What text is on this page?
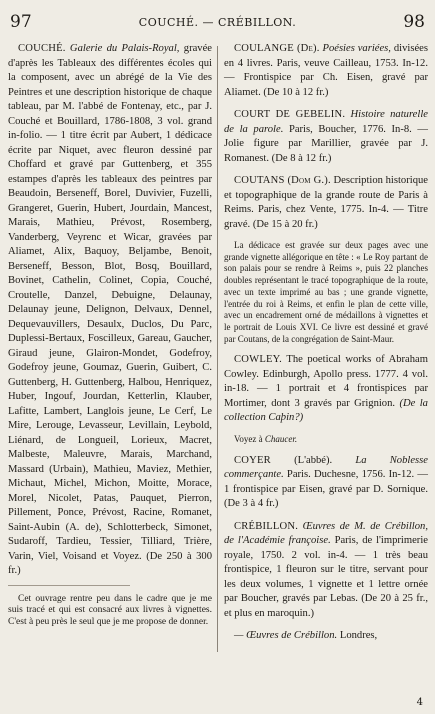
97	COUCHÉ. — CRÉBILLON.	98

COUCHÉ. Galerie du Palais-Royal, gravée d'après les Tableaux des différentes écoles qui la composent, avec un abrégé de la Vie des Peintres et une description historique de chaque tableau, par M. l'abbé de Fontenay, etc., par J. Couché et Bouillard, 1786-1808, 3 vol. grand in-folio. — 1 titre écrit par Aubert, 1 dédicace écrite par Niquet, avec fleuron dessiné par Choffard et gravé par Guttenberg, et 355 estampes d'après les tableaux des peintres par Beaudoin, Berseneff, Borel, Duvivier, Fuzelli, Grangeret, Guerin, Hubert, Jourdain, Mancest, Marais, Mathieu, Prévost, Rosemberg, Vanderberg, Veyrenc et Wicar, gravées par Aliamet, Alix, Baquoy, Beljambe, Benoit, Berseneff, Besson, Blot, Bosq, Bouillard, Bovinet, Cathelin, Colinet, Copia, Couché, Croutelle, Danzel, Debuigne, Delaunay, Delaunay jeune, Delignon, Delvaux, Dennel, Dequevauvillers, Desaulx, Duclos, Du Parc, Duplessi-Bertaux, Foscilleux, Gareau, Gaucher, Giraud jeune, Glairon-Mondet, Godefroy, Godefroy jeune, Goumaz, Guerin, Guibert, C. Guttenberg, H. Guttenberg, Halbou, Henriquez, Huber, Ingouf, Jourdan, Ketterlin, Klauber, Lafitte, Lambert, Langlois jeune, Le Cerf, Le Mire, Lerouge, Levasseur, Levillain, Leybold, Liénard, de Longueil, Lorieux, Macret, Malbeste, Maleuvre, Marais, Marchand, Massard (Urbain), Mathieu, Maviez, Methier, Michaut, Michel, Michon, Moitte, Morace, Morel, Nicolet, Patas, Pauquet, Pierron, Pillement, Ponce, Prévost, Racine, Romanet, Saint-Aubin (A. de), Schlotterbeck, Simonet, Sudaroff, Tardieu, Tessier, Tilliard, Trière, Varin, Viel, Voisand et Voyez. (De 250 à 300 fr.)

Cet ouvrage rentre peu dans le cadre que je me suis tracé et qui est consacré aux livres à vignettes. C'est à peu près le seul que je me propose de donner.

COULANGE (De). Poésies variées, divisées en 4 livres. Paris, veuve Cailleau, 1753. In-12. — Frontispice par Ch. Eisen, gravé par Aliamet. (De 10 à 12 fr.)

COURT DE GEBELIN. Histoire naturelle de la parole. Paris, Boucher, 1776. In-8. — Jolie figure par Marillier, gravée par J. Romanest. (De 8 à 12 fr.)

COUTANS (Dom G.). Description historique et topographique de la grande route de Paris à Reims. Paris, chez Vente, 1775. In-4. — Titre gravé. (De 15 à 20 fr.)

La dédicace est gravée sur deux pages avec une grande vignette allégorique en tête : « Le Roy partant de son palais pour se rendre à Reims », puis 22 planches doubles représentant le tracé topographique de la route, avec un texte imprimé au bas ; une grande vignette, l'entrée du roi à Reims, et enfin le plan de cette ville, avec un encadrement orné de médaillons à vignettes et le portrait de Louis XVI. Ce livre est dessiné et gravé par Coutans, de la congrégation de Saint-Maur.

COWLEY. The poetical works of Abraham Cowley. Edinburgh, Apollo press. 1777. 4 vol. in-18. — 1 portrait et 4 frontispices par Mortimer, dont 3 gravés par Grignion. (De la collection Caþin?)

Voyez à Chaucer.

COYER (L'abbé). La Noblesse commerçante. Paris. Duchesne, 1756. In-12. — 1 frontispice par Eisen, gravé par D. Sornique. (De 3 à 4 fr.)

CRÉBILLON. Œuvres de M. de Crébillon, de l'Académie françoise. Paris, de l'imprimerie royale, 1750. 2 vol. in-4. — 1 très beau frontispice, 1 fleuron sur le titre, servant pour les deux volumes, 1 vignette et 1 lettre ornée par Boucher, gravés par Lebas. (De 20 à 25 fr., et plus en maroquin.)

— Œuvres de Crébillon. Londres,

4
